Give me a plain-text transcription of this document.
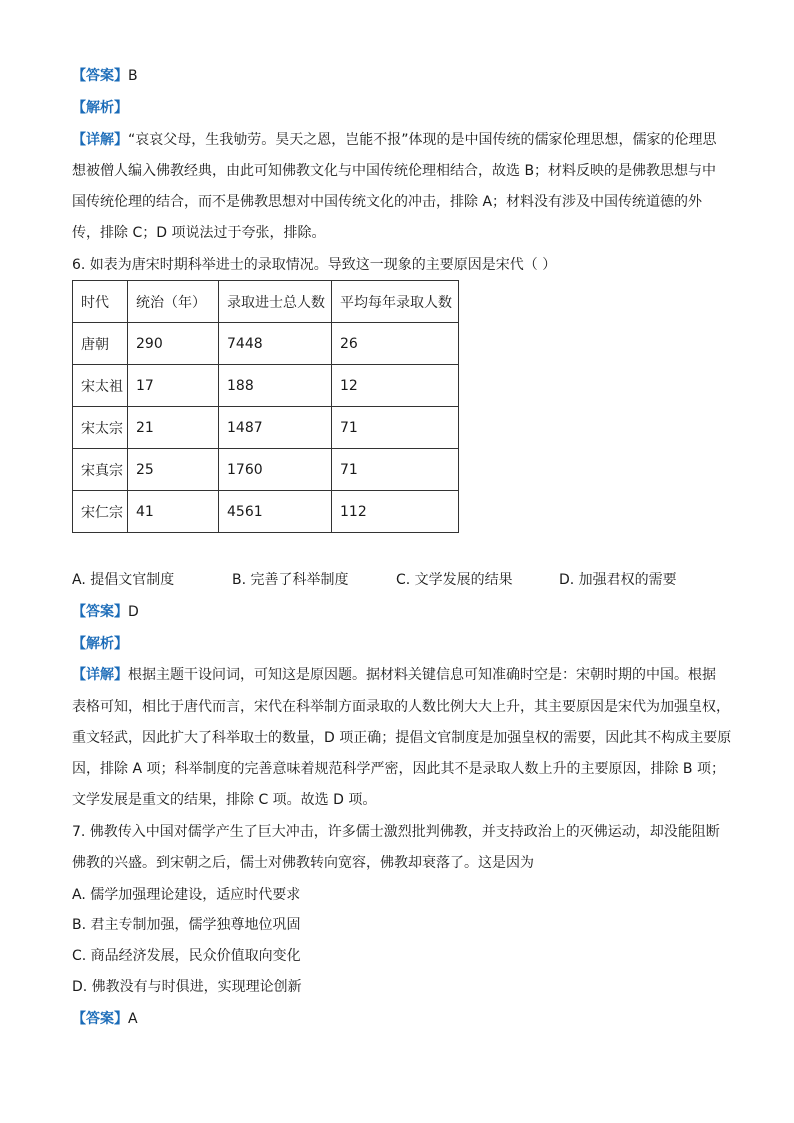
【答案】B
【解析】
【详解】“哀哀父母，生我劬劳。昊天之恩，岂能不报”体现的是中国传统的儒家伦理思想，儒家的伦理思
想被僧人编入佛教经典，由此可知佛教文化与中国传统伦理相结合，故选 B；材料反映的是佛教思想与中
国传统伦理的结合，而不是佛教思想对中国传统文化的冲击，排除 A；材料没有涉及中国传统道德的外
传，排除 C；D 项说法过于夸张，排除。
6. 如表为唐宋时期科举进士的录取情况。导致这一现象的主要原因是宋代（ ）
时代	统治（年）	录取进士总人数	平均每年录取人数
唐朝	290	7448	26
宋太祖	17	188	12
宋太宗	21	1487	71
宋真宗	25	1760	71
宋仁宗	41	4561	112
A. 提倡文官制度	B. 完善了科举制度	C. 文学发展的结果	D. 加强君权的需要
【答案】D
【解析】
【详解】根据主题干设问词，可知这是原因题。据材料关键信息可知准确时空是：宋朝时期的中国。根据
表格可知，相比于唐代而言，宋代在科举制方面录取的人数比例大大上升，其主要原因是宋代为加强皇权，
重文轻武，因此扩大了科举取士的数量，D 项正确；提倡文官制度是加强皇权的需要，因此其不构成主要原
因，排除 A 项；科举制度的完善意味着规范科学严密，因此其不是录取人数上升的主要原因，排除 B 项；
文学发展是重文的结果，排除 C 项。故选 D 项。
7. 佛教传入中国对儒学产生了巨大冲击，许多儒士激烈批判佛教，并支持政治上的灭佛运动，却没能阻断
佛教的兴盛。到宋朝之后，儒士对佛教转向宽容，佛教却衰落了。这是因为
A. 儒学加强理论建设，适应时代要求
B. 君主专制加强，儒学独尊地位巩固
C. 商品经济发展，民众价值取向变化
D. 佛教没有与时俱进，实现理论创新
【答案】A
